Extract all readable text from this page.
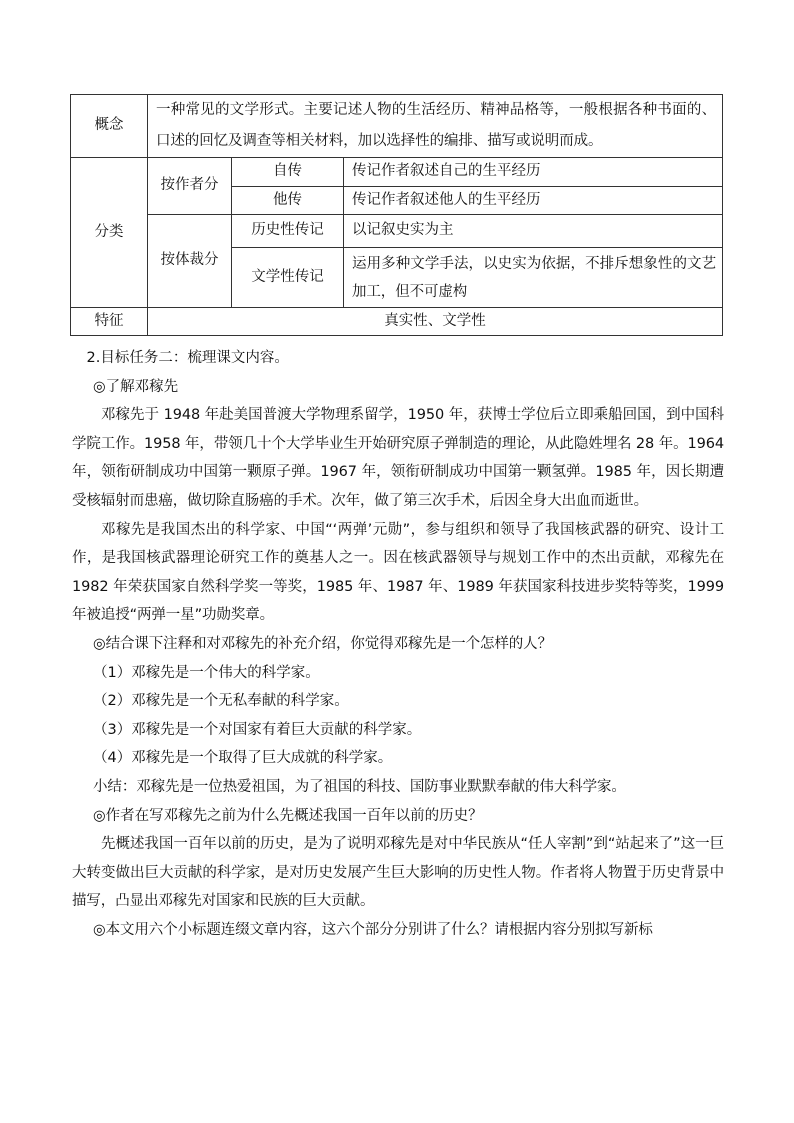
概念	一种常见的文学形式。主要记述人物的生活经历、精神品格等，一般根据各种书面的、口述的回忆及调查等相关材料，加以选择性的编排、描写或说明而成。		
分类	按作者分	自传	传记作者叙述自己的生平经历
		他传	传记作者叙述他人的生平经历
	按体裁分	历史性传记	以记叙史实为主
		文学性传记	运用多种文学手法，以史实为依据，不排斥想象性的文艺加工，但不可虚构
特征	真实性、文学性		

2.目标任务二：梳理课文内容。

◎了解邓稼先

邓稼先于 1948 年赴美国普渡大学物理系留学，1950 年，获博士学位后立即乘船回国，到中国科学院工作。1958 年，带领几十个大学毕业生开始研究原子弹制造的理论，从此隐姓埋名 28 年。1964 年，领衔研制成功中国第一颗原子弹。1967 年，领衔研制成功中国第一颗氢弹。1985 年，因长期遭受核辐射而患癌，做切除直肠癌的手术。次年，做了第三次手术，后因全身大出血而逝世。

邓稼先是我国杰出的科学家、中国“‘两弹’元勋”，参与组织和领导了我国核武器的研究、设计工作，是我国核武器理论研究工作的奠基人之一。因在核武器领导与规划工作中的杰出贡献，邓稼先在 1982 年荣获国家自然科学奖一等奖，1985 年、1987 年、1989 年获国家科技进步奖特等奖，1999 年被追授“两弹一星”功勋奖章。

◎结合课下注释和对邓稼先的补充介绍，你觉得邓稼先是一个怎样的人？

（1）邓稼先是一个伟大的科学家。

（2）邓稼先是一个无私奉献的科学家。

（3）邓稼先是一个对国家有着巨大贡献的科学家。

（4）邓稼先是一个取得了巨大成就的科学家。

小结：邓稼先是一位热爱祖国，为了祖国的科技、国防事业默默奉献的伟大科学家。

◎作者在写邓稼先之前为什么先概述我国一百年以前的历史？

先概述我国一百年以前的历史，是为了说明邓稼先是对中华民族从“任人宰割”到“站起来了”这一巨大转变做出巨大贡献的科学家，是对历史发展产生巨大影响的历史性人物。作者将人物置于历史背景中描写，凸显出邓稼先对国家和民族的巨大贡献。

◎本文用六个小标题连缀文章内容，这六个部分分别讲了什么？请根据内容分别拟写新标
